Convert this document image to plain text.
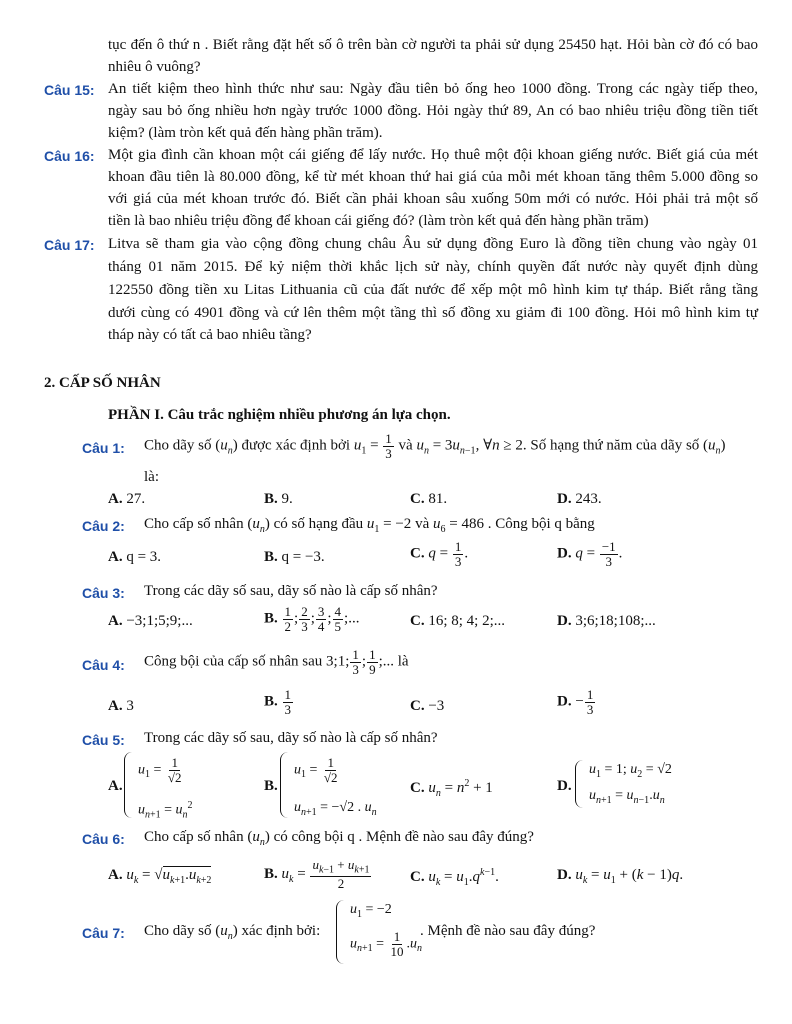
tục đến ô thứ n . Biết rằng đặt hết số ô trên bàn cờ người ta phải sử dụng 25450 hạt. Hỏi bàn cờ đó có bao
nhiêu ô vuông?
Câu 15: An tiết kiệm theo hình thức như sau: Ngày đầu tiên bỏ ống heo 1000 đồng. Trong các ngày tiếp theo,
ngày sau bỏ ống nhiều hơn ngày trước 1000 đồng. Hỏi ngày thứ 89, An có bao nhiêu triệu đồng tiền tiết
kiệm? (làm tròn kết quả đến hàng phần trăm).
Câu 16: Một gia đình cần khoan một cái giếng để lấy nước. Họ thuê một đội khoan giếng nước. Biết giá của mét
khoan đầu tiên là 80.000 đồng, kể từ mét khoan thứ hai giá của mỗi mét khoan tăng thêm 5.000 đồng so
với giá của mét khoan trước đó. Biết cần phải khoan sâu xuống 50m mới có nước. Hỏi phải trả một số
tiền là bao nhiêu triệu đồng để khoan cái giếng đó? (làm tròn kết quả đến hàng phần trăm)
Câu 17: Litva sẽ tham gia vào cộng đồng chung châu Âu sử dụng đồng Euro là đồng tiền chung vào ngày 01
tháng 01 năm 2015. Để kỷ niệm thời khắc lịch sử này, chính quyền đất nước này quyết định dùng
122550 đồng tiền xu Litas Lithuania cũ của đất nước để xếp một mô hình kim tự tháp. Biết rằng tầng
dưới cùng có 4901 đồng và cứ lên thêm một tầng thì số đồng xu giảm đi 100 đồng. Hỏi mô hình kim tự
tháp này có tất cả bao nhiêu tầng?
2. CẤP SỐ NHÂN
PHẦN I. Câu trắc nghiệm nhiều phương án lựa chọn.
Câu 1: Cho dãy số $(u_n)$ được xác định bởi $u_1 = \frac{1}{3}$ và $u_n = 3u_{n-1}$, ∀n ≥ 2. Số hạng thứ năm của dãy số $(u_n)$
là:
A. 27.	B. 9.	C. 81.	D. 243.
Câu 2: Cho cấp số nhân $(u_n)$ có số hạng đầu $u_1 = -2$ và $u_6 = 486$ . Công bội q bằng
A. q = 3.	B. q = −3.	C. $q = \frac{1}{3}$ .	D. $q = \frac{-1}{3}$ .
Câu 3: Trong các dãy số sau, dãy số nào là cấp số nhân?
A. −3;1;5;9;...	B. $\frac{1}{2}$ ; $\frac{2}{3}$ ; $\frac{3}{4}$ ; $\frac{4}{5}$ ;...	C. 16; 8; 4; 2;...	D. 3;6;18;108;...
Câu 4: Công bội của cấp số nhân sau 3;1; $\frac{1}{3}$ ; $\frac{1}{9}$ ;... là
A. 3	B. $\frac{1}{3}$	C. −3	D. − $\frac{1}{3}$
Câu 5: Trong các dãy số sau, dãy số nào là cấp số nhân?
A.
$u_1 = \frac{1}{√2}$
$u_{n+1} = u_n^2$
B.
$u_1 = \frac{1}{√2}$
$u_{n+1} = -√2$ . $u_n$
C. $u_n = n^2 + 1$	D.
$u_1 = 1$; $u_2 = √2$
$u_{n+1} = u_{n-1}.u_n$
Câu 6: Cho cấp số nhân $(u_n)$ có công bội q . Mệnh đề nào sau đây đúng?
A. $u_k = √u_{k+1}.u_{k+2}$	B. $u_k = \frac{u_{k-1} + u_{k+1}}{2}$	C. $u_k = u_1.q^{k-1}$.	D. $u_k = u_1 + (k - 1)q$.
Câu 7: Cho dãy số $(u_n)$ xác định bởi:
$u_1 = -2$
$u_{n+1} = \frac{1}{10} .u_n$
. Mệnh đề nào sau đây đúng?
